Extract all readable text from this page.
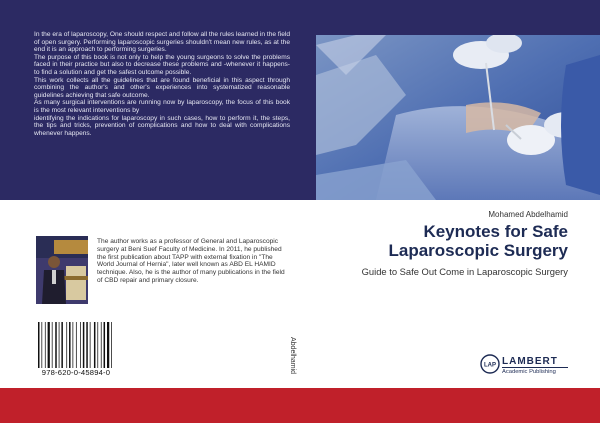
In the era of laparoscopy, One should respect and follow all the rules learned in the field of open surgery. Performing laparoscopic surgeries shouldn't mean new rules, as at the end it is an approach to performing surgeries.

The purpose of this book is not only to help the young surgeons to solve the problems faced in their practice but also to decrease these problems and -whenever it happens- to find a solution and get the safest outcome possible.

This work collects all the guidelines that are found beneficial in this aspect through combining the author's and other's experiences into systematized reasonable guidelines achieving that safe outcome.

As many surgical interventions are running now by laparoscopy, the focus of this book is the most relevant interventions by

identifying the indications for laparoscopy in such cases, how to perform it, the steps, the tips and tricks, prevention of complications and how to deal with complications whenever happens.

Abdelhamid
The author works as a professor of General and Laparoscopic surgery at Beni Suef Faculty of Medicine. In 2011, he published the first publication about TAPP with external fixation in "The World Journal of Hernia", later well known as ABD EL HAMID technique. Also, he is the author of many publications in the field of CBD repair and primary closure.
978-620-0-45894-0
Mohamed Abdelhamid
Keynotes for Safe
Laparoscopic Surgery
Guide to Safe Out Come in Laparoscopic Surgery
LAP LAMBERT
Academic Publishing
